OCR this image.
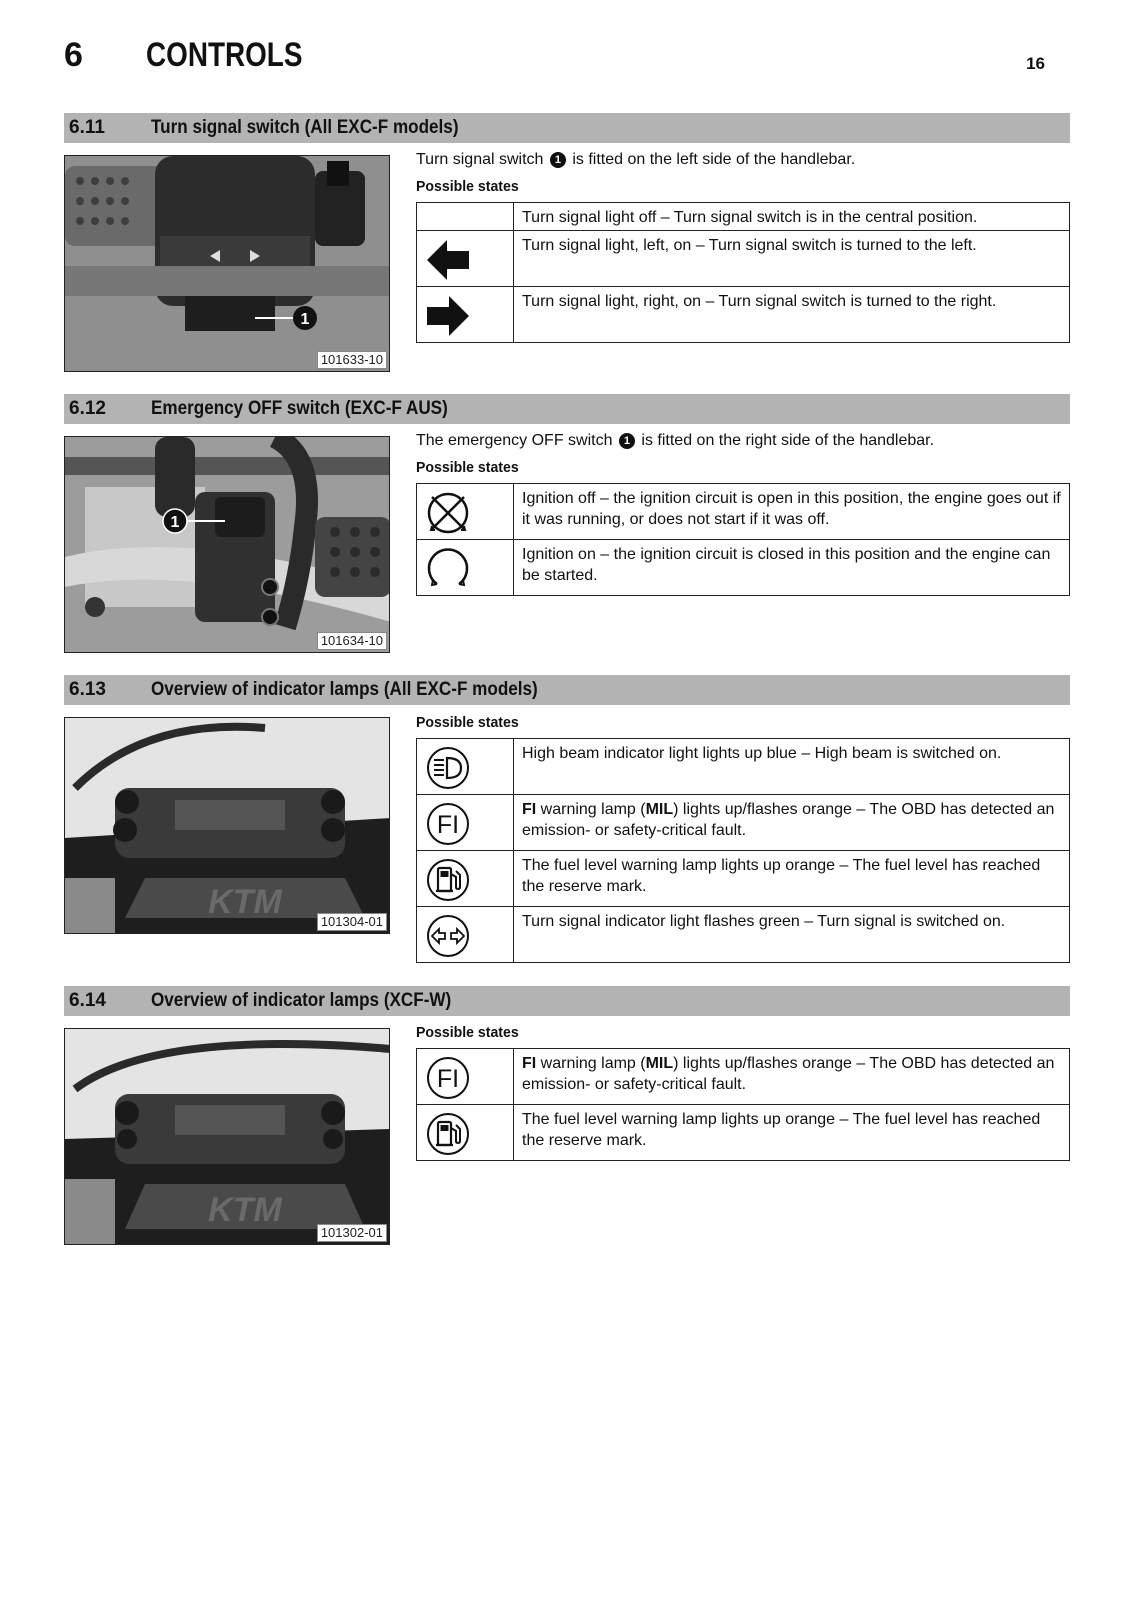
6 CONTROLS	16
6.11 Turn signal switch (All EXC-F models)
1
101633-10
Turn signal switch 1 is fitted on the left side of the handlebar.
Possible states
	Turn signal light off – Turn signal switch is in the central position.

	Turn signal light, left, on – Turn signal switch is turned to the left.

	Turn signal light, right, on – Turn signal switch is turned to the right.
6.12 Emergency OFF switch (EXC-F AUS)
1
101634-10
The emergency OFF switch 1 is fitted on the right side of the handlebar.
Possible states
	Ignition off – the ignition circuit is open in this position, the engine goes out if it was running, or does not start if it was off.

	Ignition on – the ignition circuit is closed in this position and the engine can be started.
6.13 Overview of indicator lamps (All EXC-F models)
KTM
101304-01
Possible states
	High beam indicator light lights up blue – High beam is switched on.

FI	FI warning lamp (MIL) lights up/flashes orange – The OBD has detected an emission- or safety-critical fault.

	The fuel level warning lamp lights up orange – The fuel level has reached the reserve mark.

	Turn signal indicator light flashes green – Turn signal is switched on.
6.14 Overview of indicator lamps (XCF-W)
KTM
101302-01
Possible states
FI	FI warning lamp (MIL) lights up/flashes orange – The OBD has detected an emission- or safety-critical fault.

	The fuel level warning lamp lights up orange – The fuel level has reached the reserve mark.
